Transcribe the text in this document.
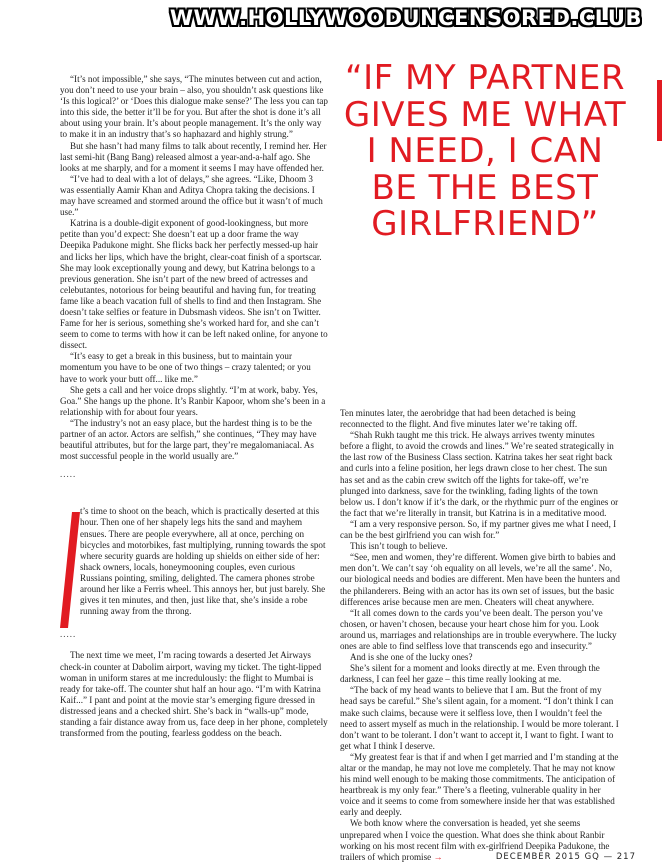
WWW.HOLLYWOODUNCENSORED.CLUB
“IF MY PARTNER GIVES ME WHAT I NEED, I CAN BE THE BEST GIRLFRIEND”

“It’s not impossible,” she says, “The minutes between cut and action, you don’t need to use your brain – also, you shouldn’t ask questions like ‘Is this logical?’ or ‘Does this dialogue make sense?’ The less you can tap into this side, the better it’ll be for you. But after the shot is done it’s all about using your brain. It’s about people management. It’s the only way to make it in an industry that’s so haphazard and highly strung.”

But she hasn’t had many films to talk about recently, I remind her. Her last semi-hit (Bang Bang) released almost a year-and-a-half ago. She looks at me sharply, and for a moment it seems I may have offended her.

“I’ve had to deal with a lot of delays,” she agrees. “Like, Dhoom 3 was essentially Aamir Khan and Aditya Chopra taking the decisions. I may have screamed and stormed around the office but it wasn’t of much use.”

Katrina is a double-digit exponent of good-lookingness, but more petite than you’d expect: She doesn’t eat up a door frame the way Deepika Padukone might. She flicks back her perfectly messed-up hair and licks her lips, which have the bright, clear-coat finish of a sportscar. She may look exceptionally young and dewy, but Katrina belongs to a previous generation. She isn’t part of the new breed of actresses and celebutantes, notorious for being beautiful and having fun, for treating fame like a beach vacation full of shells to find and then Instagram. She doesn’t take selfies or feature in Dubsmash videos. She isn’t on Twitter. Fame for her is serious, something she’s worked hard for, and she can’t seem to come to terms with how it can be left naked online, for anyone to dissect.

“It’s easy to get a break in this business, but to maintain your momentum you have to be one of two things – crazy talented; or you have to work your butt off... like me.”

She gets a call and her voice drops slightly. “I’m at work, baby. Yes, Goa.” She hangs up the phone. It’s Ranbir Kapoor, whom she’s been in a relationship with for about four years.

“The industry’s not an easy place, but the hardest thing is to be the partner of an actor. Actors are selfish,” she continues, “They may have beautiful attributes, but for the large part, they’re megalomaniacal. As most successful people in the world usually are.”

.....

t’s time to shoot on the beach, which is practically deserted at this hour. Then one of her shapely legs hits the sand and mayhem ensues. There are people everywhere, all at once, perching on bicycles and motorbikes, fast multiplying, running towards the spot where security guards are holding up shields on either side of her: shack owners, locals, honeymooning couples, even curious Russians pointing, smiling, delighted. The camera phones strobe around her like a Ferris wheel. This annoys her, but just barely. She gives it ten minutes, and then, just like that, she’s inside a robe running away from the throng.

.....

The next time we meet, I’m racing towards a deserted Jet Airways check-in counter at Dabolim airport, waving my ticket. The tight-lipped woman in uniform stares at me incredulously: the flight to Mumbai is ready for take-off. The counter shut half an hour ago. “I’m with Katrina Kaif...” I pant and point at the movie star’s emerging figure dressed in distressed jeans and a checked shirt. She’s back in “walls-up” mode, standing a fair distance away from us, face deep in her phone, completely transformed from the pouting, fearless goddess on the beach.

Ten minutes later, the aerobridge that had been detached is being reconnected to the flight. And five minutes later we’re taking off.

“Shah Rukh taught me this trick. He always arrives twenty minutes before a flight, to avoid the crowds and lines.” We’re seated strategically in the last row of the Business Class section. Katrina takes her seat right back and curls into a feline position, her legs drawn close to her chest. The sun has set and as the cabin crew switch off the lights for take-off, we’re plunged into darkness, save for the twinkling, fading lights of the town below us. I don’t know if it’s the dark, or the rhythmic purr of the engines or the fact that we’re literally in transit, but Katrina is in a meditative mood.

“I am a very responsive person. So, if my partner gives me what I need, I can be the best girlfriend you can wish for.”

This isn’t tough to believe.

“See, men and women, they’re different. Women give birth to babies and men don’t. We can’t say ‘oh equality on all levels, we’re all the same’. No, our biological needs and bodies are different. Men have been the hunters and the philanderers. Being with an actor has its own set of issues, but the basic differences arise because men are men. Cheaters will cheat anywhere.

“It all comes down to the cards you’ve been dealt. The person you’ve chosen, or haven’t chosen, because your heart chose him for you. Look around us, marriages and relationships are in trouble everywhere. The lucky ones are able to find selfless love that transcends ego and insecurity.”

And is she one of the lucky ones?

She’s silent for a moment and looks directly at me. Even through the darkness, I can feel her gaze – this time really looking at me.

“The back of my head wants to believe that I am. But the front of my head says be careful.” She’s silent again, for a moment. “I don’t think I can make such claims, because were it selfless love, then I wouldn’t feel the need to assert myself as much in the relationship. I would be more tolerant. I don’t want to be tolerant. I don’t want to accept it, I want to fight. I want to get what I think I deserve.

“My greatest fear is that if and when I get married and I’m standing at the altar or the mandap, he may not love me completely. That he may not know his mind well enough to be making those commitments. The anticipation of heartbreak is my only fear.” There’s a fleeting, vulnerable quality in her voice and it seems to come from somewhere inside her that was established early and deeply.

We both know where the conversation is headed, yet she seems unprepared when I voice the question. What does she think about Ranbir working on his most recent film with ex-girlfriend Deepika Padukone, the trailers of which promise →	DECEMBER 2015 GQ — 217
